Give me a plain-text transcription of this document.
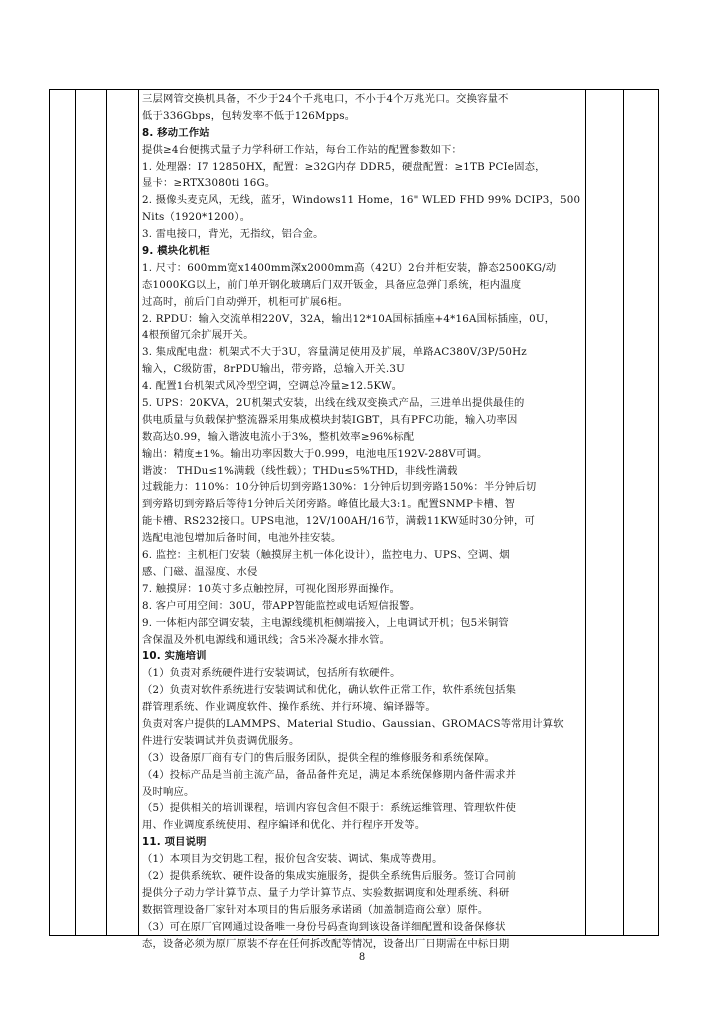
三层网管交换机具备，不少于24个千兆电口，不小于4个万兆光口。交换容量不
低于336Gbps，包转发率不低于126Mpps。
8. 移动工作站
提供≥4台便携式量子力学科研工作站，每台工作站的配置参数如下：
1. 处理器：I7 12850HX，配置：≥32G内存 DDR5，硬盘配置：≥1TB PCIe固态，
显卡：≥RTX3080ti 16G。
2. 摄像头麦克风，无线，蓝牙，Windows11 Home，16" WLED FHD 99% DCIP3，500
Nits（1920*1200）。
3. 雷电接口，背光，无指纹，铝合金。
9. 模块化机柜
1. 尺寸：600mm宽x1400mm深x2000mm高（42U）2台并柜安装，静态2500KG/动
态1000KG以上，前门单开钢化玻璃后门双开钣金，具备应急弹门系统，柜内温度
过高时，前后门自动弹开，机柜可扩展6柜。
2. RPDU：输入交流单相220V，32A，输出12*10A国标插座+4*16A国标插座，0U，
4根预留冗余扩展开关。
3. 集成配电盘：机架式不大于3U，容量满足使用及扩展，单路AC380V/3P/50Hz
输入，C级防雷，8rPDU输出，带旁路，总输入开关.3U
4. 配置1台机架式风冷型空调，空调总冷量≥12.5KW。
5. UPS：20KVA，2U机架式安装，出线在线双变换式产品，三进单出提供最佳的
供电质量与负载保护整流器采用集成模块封装IGBT，具有PFC功能，输入功率因
数高达0.99，输入谐波电流小于3%，整机效率≥96%标配
输出：精度±1%。输出功率因数大于0.999，电池电压192V-288V可调。
谐波： THDu≤1%满载（线性载）；THDu≤5%THD，非线性满载
过载能力：110%：10分钟后切到旁路130%：1分钟后切到旁路150%：半分钟后切
到旁路切到旁路后等待1分钟后关闭旁路。峰值比最大3:1。配置SNMP卡槽、智
能卡槽、RS232接口。UPS电池，12V/100AH/16节，满载11KW延时30分钟，可
选配电池包增加后备时间，电池外挂安装。
6. 监控：主机柜门安装（触摸屏主机一体化设计），监控电力、UPS、空调、烟
感、门磁、温湿度、水侵
7. 触摸屏：10英寸多点触控屏，可视化图形界面操作。
8. 客户可用空间：30U，带APP智能监控或电话短信报警。
9. 一体柜内部空调安装，主电源线缆机柜侧端接入，上电调试开机；包5米铜管
含保温及外机电源线和通讯线；含5米冷凝水排水管。
10. 实施培训
（1）负责对系统硬件进行安装调试，包括所有软硬件。
（2）负责对软件系统进行安装调试和优化，确认软件正常工作，软件系统包括集
群管理系统、作业调度软件、操作系统、并行环境、编译器等。
负责对客户提供的LAMMPS、Material Studio、Gaussian、GROMACS等常用计算软
件进行安装调试并负责调优服务。
（3）设备原厂商有专门的售后服务团队，提供全程的维修服务和系统保障。
（4）投标产品是当前主流产品，备品备件充足，满足本系统保修期内备件需求并
及时响应。
（5）提供相关的培训课程，培训内容包含但不限于：系统运维管理、管理软件使
用、作业调度系统使用、程序编译和优化、并行程序开发等。
11. 项目说明
（1）本项目为交钥匙工程，报价包含安装、调试、集成等费用。
（2）提供系统软、硬件设备的集成实施服务，提供全系统售后服务。签订合同前
提供分子动力学计算节点、量子力学计算节点、实验数据调度和处理系统、科研
数据管理设备厂家针对本项目的售后服务承诺函（加盖制造商公章）原件。
（3）可在原厂官网通过设备唯一身份号码查询到该设备详细配置和设备保修状
态，设备必须为原厂原装不存在任何拆改配等情况，设备出厂日期需在中标日期
8
